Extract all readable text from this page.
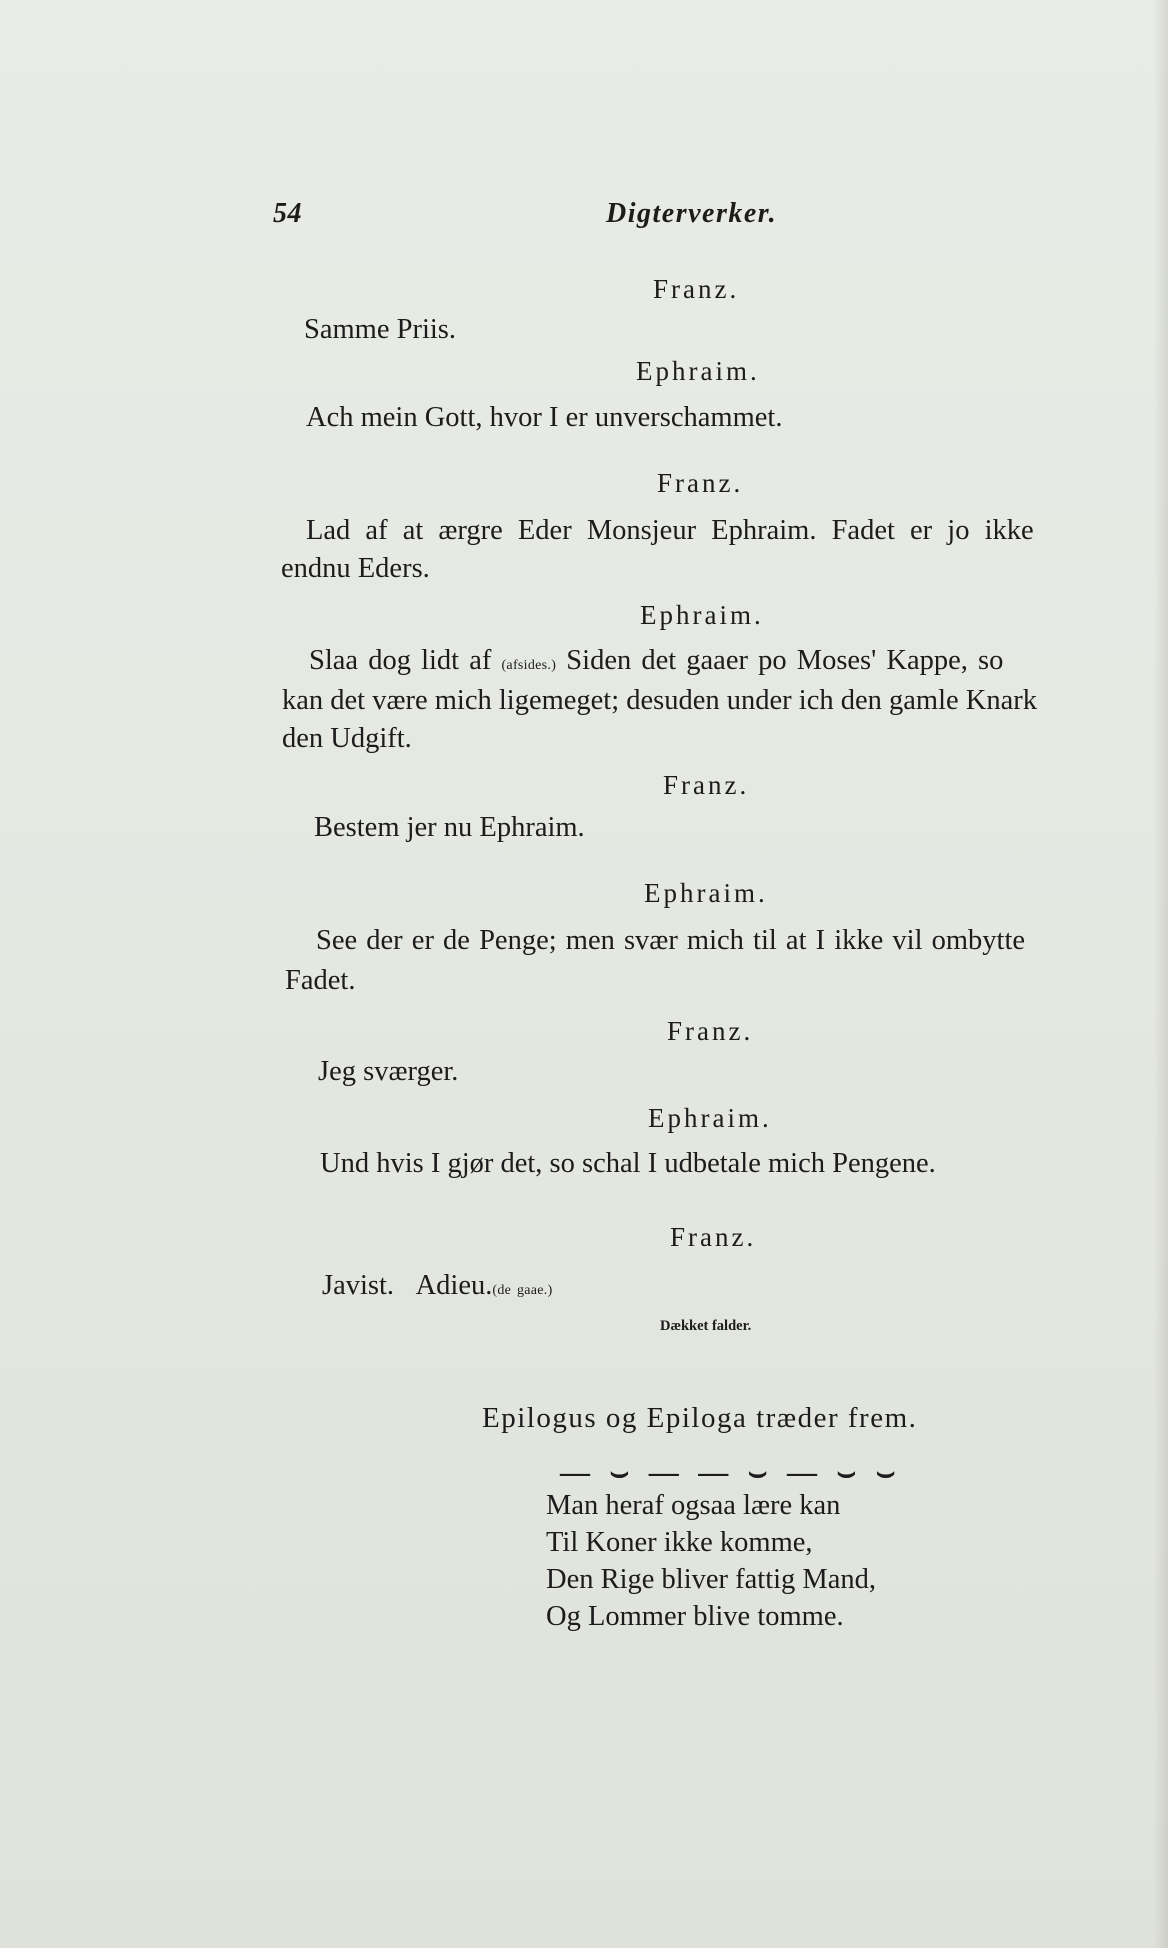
54	Digterverker.
Franz.
Samme Priis.
Ephraim.
Ach mein Gott, hvor I er unverschammet.
Franz.
Lad af at ærgre Eder Monsjeur Ephraim. Fadet er jo ikke
endnu Eders.
Ephraim.
Slaa dog lidt af (afsides.) Siden det gaaer po Moses' Kappe, so
kan det være mich ligemeget; desuden under ich den gamle Knark
den Udgift.
Franz.
Bestem jer nu Ephraim.
Ephraim.
See der er de Penge; men svær mich til at I ikke vil ombytte
Fadet.
Franz.
Jeg sværger.
Ephraim.
Und hvis I gjør det, so schal I udbetale mich Pengene.
Franz.
Javist. Adieu.(de gaae.)
Dækket falder.
Epilogus og Epiloga træder frem.
— ⌣ — — ⌣ — ⌣ ⌣
Man heraf ogsaa lære kan
Til Koner ikke komme,
Den Rige bliver fattig Mand,
Og Lommer blive tomme.
